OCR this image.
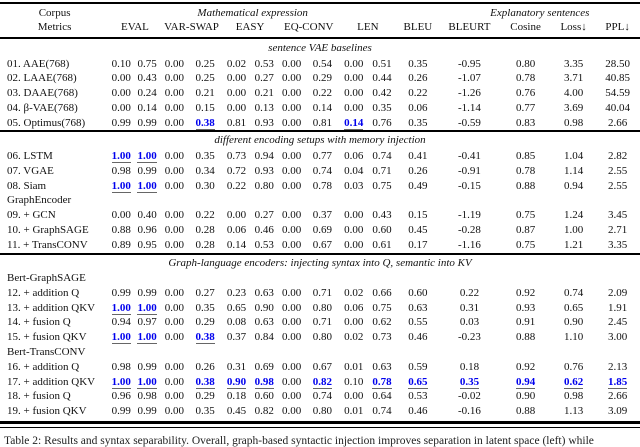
Corpus	Mathematical expression											Explanatory sentences			
Metrics	EVAL		VAR-SWAP		EASY		EQ-CONV		LEN		BLEU	BLEURT	Cosine	Loss↓	PPL↓
sentence VAE baselines															
01. AAE(768)	0.10	0.75	0.00	0.25	0.02	0.53	0.00	0.54	0.00	0.51	0.35	-0.95	0.80	3.35	28.50
02. LAAE(768)	0.00	0.43	0.00	0.25	0.00	0.27	0.00	0.29	0.00	0.44	0.26	-1.07	0.78	3.71	40.85
03. DAAE(768)	0.00	0.24	0.00	0.21	0.00	0.21	0.00	0.22	0.00	0.42	0.22	-1.26	0.76	4.00	54.59
04. β-VAE(768)	0.00	0.14	0.00	0.15	0.00	0.13	0.00	0.14	0.00	0.35	0.06	-1.14	0.77	3.69	40.04
05. Optimus(768)	0.99	0.99	0.00	0.38	0.81	0.93	0.00	0.81	0.14	0.76	0.35	-0.59	0.83	0.98	2.66
different encoding setups with memory injection															
06. LSTM	1.00	1.00	0.00	0.35	0.73	0.94	0.00	0.77	0.06	0.74	0.41	-0.41	0.85	1.04	2.82
07. VGAE	0.98	0.99	0.00	0.34	0.72	0.93	0.00	0.74	0.04	0.71	0.26	-0.91	0.78	1.14	2.55
08. Siam	1.00	1.00	0.00	0.30	0.22	0.80	0.00	0.78	0.03	0.75	0.49	-0.15	0.88	0.94	2.55
GraphEncoder															
09. + GCN	0.00	0.40	0.00	0.22	0.00	0.27	0.00	0.37	0.00	0.43	0.15	-1.19	0.75	1.24	3.45
10. + GraphSAGE	0.88	0.96	0.00	0.28	0.06	0.46	0.00	0.69	0.00	0.60	0.45	-0.28	0.87	1.00	2.71
11. + TransCONV	0.89	0.95	0.00	0.28	0.14	0.53	0.00	0.67	0.00	0.61	0.17	-1.16	0.75	1.21	3.35
Graph-language encoders: injecting syntax into Q, semantic into KV															
Bert-GraphSAGE															
12. + addition Q	0.99	0.99	0.00	0.27	0.23	0.63	0.00	0.71	0.02	0.66	0.60	0.22	0.92	0.74	2.09
13. + addition QKV	1.00	1.00	0.00	0.35	0.65	0.90	0.00	0.80	0.06	0.75	0.63	0.31	0.93	0.65	1.91
14. + fusion Q	0.94	0.97	0.00	0.29	0.08	0.63	0.00	0.71	0.00	0.62	0.55	0.03	0.91	0.90	2.45
15. + fusion QKV	1.00	1.00	0.00	0.38	0.37	0.84	0.00	0.80	0.02	0.73	0.46	-0.23	0.88	1.10	3.00
Bert-TransCONV															
16. + addition Q	0.98	0.99	0.00	0.26	0.31	0.69	0.00	0.67	0.01	0.63	0.59	0.18	0.92	0.76	2.13
17. + addition QKV	1.00	1.00	0.00	0.38	0.90	0.98	0.00	0.82	0.10	0.78	0.65	0.35	0.94	0.62	1.85
18. + fusion Q	0.96	0.98	0.00	0.29	0.18	0.60	0.00	0.74	0.00	0.64	0.53	-0.02	0.90	0.98	2.66
19. + fusion QKV	0.99	0.99	0.00	0.35	0.45	0.82	0.00	0.80	0.01	0.74	0.46	-0.16	0.88	1.13	3.09
Table 2: Results and syntax separability. Overall, graph-based syntactic injection improves separation in latent space (left) while
